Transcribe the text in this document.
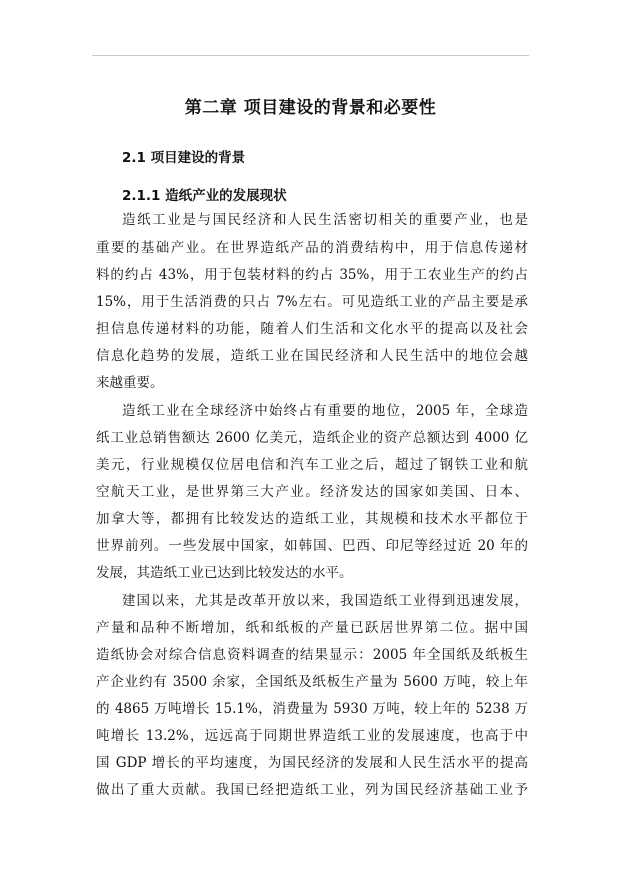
第二章 项目建设的背景和必要性
2.1 项目建设的背景
2.1.1 造纸产业的发展现状
造纸工业是与国民经济和人民生活密切相关的重要产业，也是
重要的基础产业。在世界造纸产品的消费结构中，用于信息传递材
料的约占 43%，用于包装材料的约占 35%，用于工农业生产的约占
15%，用于生活消费的只占 7%左右。可见造纸工业的产品主要是承
担信息传递材料的功能，随着人们生活和文化水平的提高以及社会
信息化趋势的发展，造纸工业在国民经济和人民生活中的地位会越
来越重要。
造纸工业在全球经济中始终占有重要的地位，2005 年，全球造
纸工业总销售额达 2600 亿美元，造纸企业的资产总额达到 4000 亿
美元，行业规模仅位居电信和汽车工业之后，超过了钢铁工业和航
空航天工业，是世界第三大产业。经济发达的国家如美国、日本、
加拿大等，都拥有比较发达的造纸工业，其规模和技术水平都位于
世界前列。一些发展中国家，如韩国、巴西、印尼等经过近 20 年的
发展，其造纸工业已达到比较发达的水平。
建国以来，尤其是改革开放以来，我国造纸工业得到迅速发展，
产量和品种不断增加，纸和纸板的产量已跃居世界第二位。据中国
造纸协会对综合信息资料调查的结果显示：2005 年全国纸及纸板生
产企业约有 3500 余家，全国纸及纸板生产量为 5600 万吨，较上年
的 4865 万吨增长 15.1%，消费量为 5930 万吨，较上年的 5238 万
吨增长 13.2%，远远高于同期世界造纸工业的发展速度，也高于中
国 GDP 增长的平均速度，为国民经济的发展和人民生活水平的提高
做出了重大贡献。我国已经把造纸工业，列为国民经济基础工业予
